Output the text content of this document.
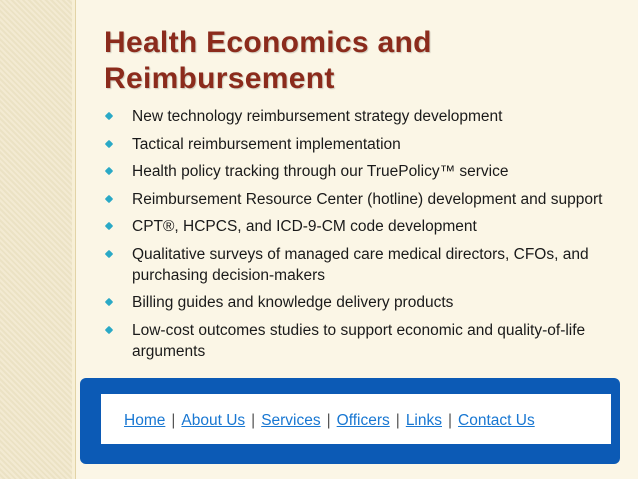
Health Economics and Reimbursement
New technology reimbursement strategy development
Tactical reimbursement implementation
Health policy tracking through our TruePolicy™ service
Reimbursement Resource Center (hotline) development and support
CPT®, HCPCS, and ICD-9-CM code development
Qualitative surveys of managed care medical directors, CFOs, and purchasing decision-makers
Billing guides and knowledge delivery products
Low-cost outcomes studies to support economic and quality-of-life arguments
Home | About Us | Services | Officers | Links | Contact Us
